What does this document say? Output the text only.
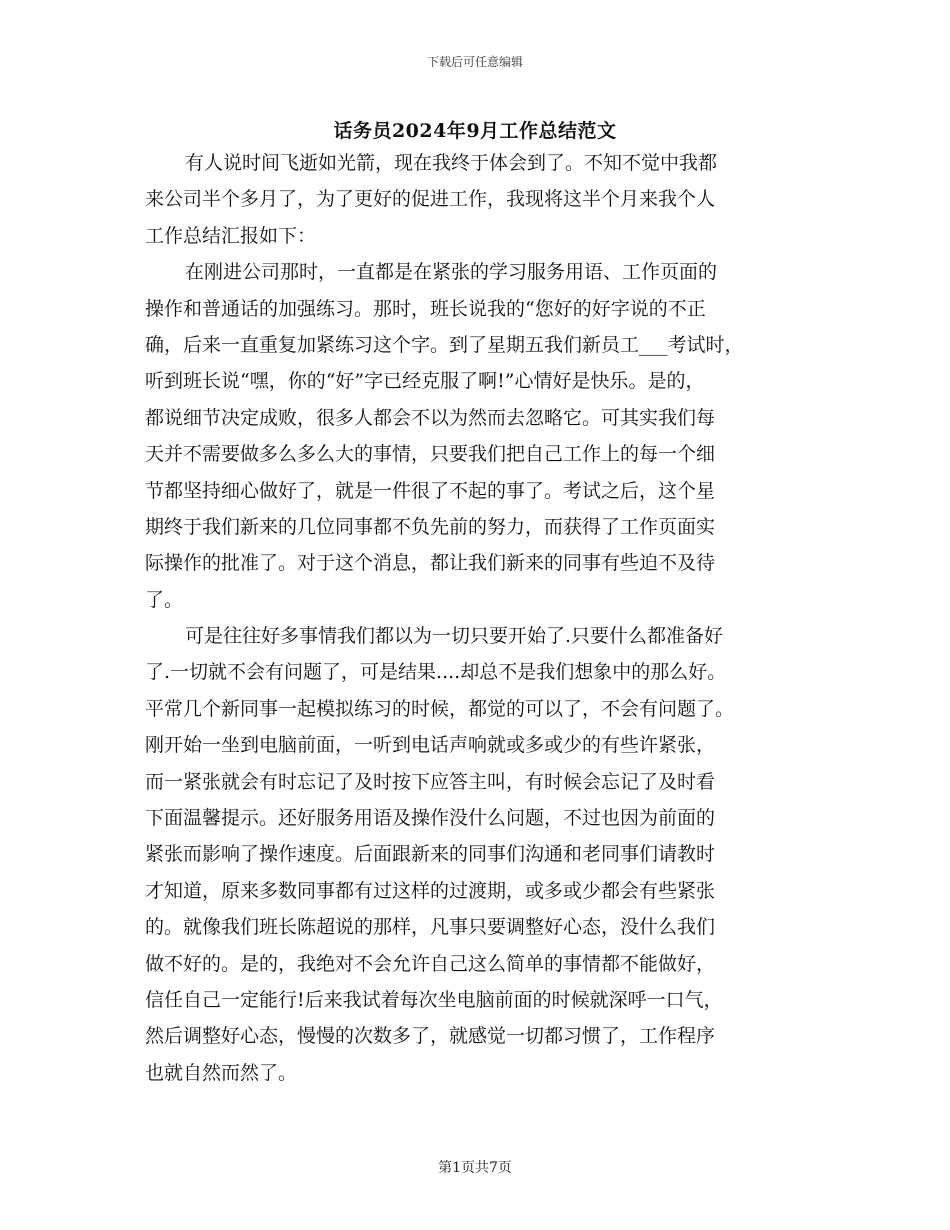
下载后可任意编辑
话务员2024年9月工作总结范文
有人说时间飞逝如光箭，现在我终于体会到了。不知不觉中我都
来公司半个多月了，为了更好的促进工作，我现将这半个月来我个人
工作总结汇报如下：
在刚进公司那时，一直都是在紧张的学习服务用语、工作页面的
操作和普通话的加强练习。那时，班长说我的“您好的好字说的不正
确，后来一直重复加紧练习这个字。到了星期五我们新员工___考试时，
听到班长说“嘿，你的“好”字已经克服了啊!”心情好是快乐。是的，
都说细节决定成败，很多人都会不以为然而去忽略它。可其实我们每
天并不需要做多么多么大的事情，只要我们把自己工作上的每一个细
节都坚持细心做好了，就是一件很了不起的事了。考试之后，这个星
期终于我们新来的几位同事都不负先前的努力，而获得了工作页面实
际操作的批准了。对于这个消息，都让我们新来的同事有些迫不及待
了。
可是往往好多事情我们都以为一切只要开始了.只要什么都准备好
了.一切就不会有问题了，可是结果....却总不是我们想象中的那么好。
平常几个新同事一起模拟练习的时候，都觉的可以了，不会有问题了。
刚开始一坐到电脑前面，一听到电话声响就或多或少的有些许紧张，
而一紧张就会有时忘记了及时按下应答主叫，有时候会忘记了及时看
下面温馨提示。还好服务用语及操作没什么问题，不过也因为前面的
紧张而影响了操作速度。后面跟新来的同事们沟通和老同事们请教时
才知道，原来多数同事都有过这样的过渡期，或多或少都会有些紧张
的。就像我们班长陈超说的那样，凡事只要调整好心态，没什么我们
做不好的。是的，我绝对不会允许自己这么简单的事情都不能做好，
信任自己一定能行!后来我试着每次坐电脑前面的时候就深呼一口气，
然后调整好心态，慢慢的次数多了，就感觉一切都习惯了，工作程序
也就自然而然了。
第1页共7页
